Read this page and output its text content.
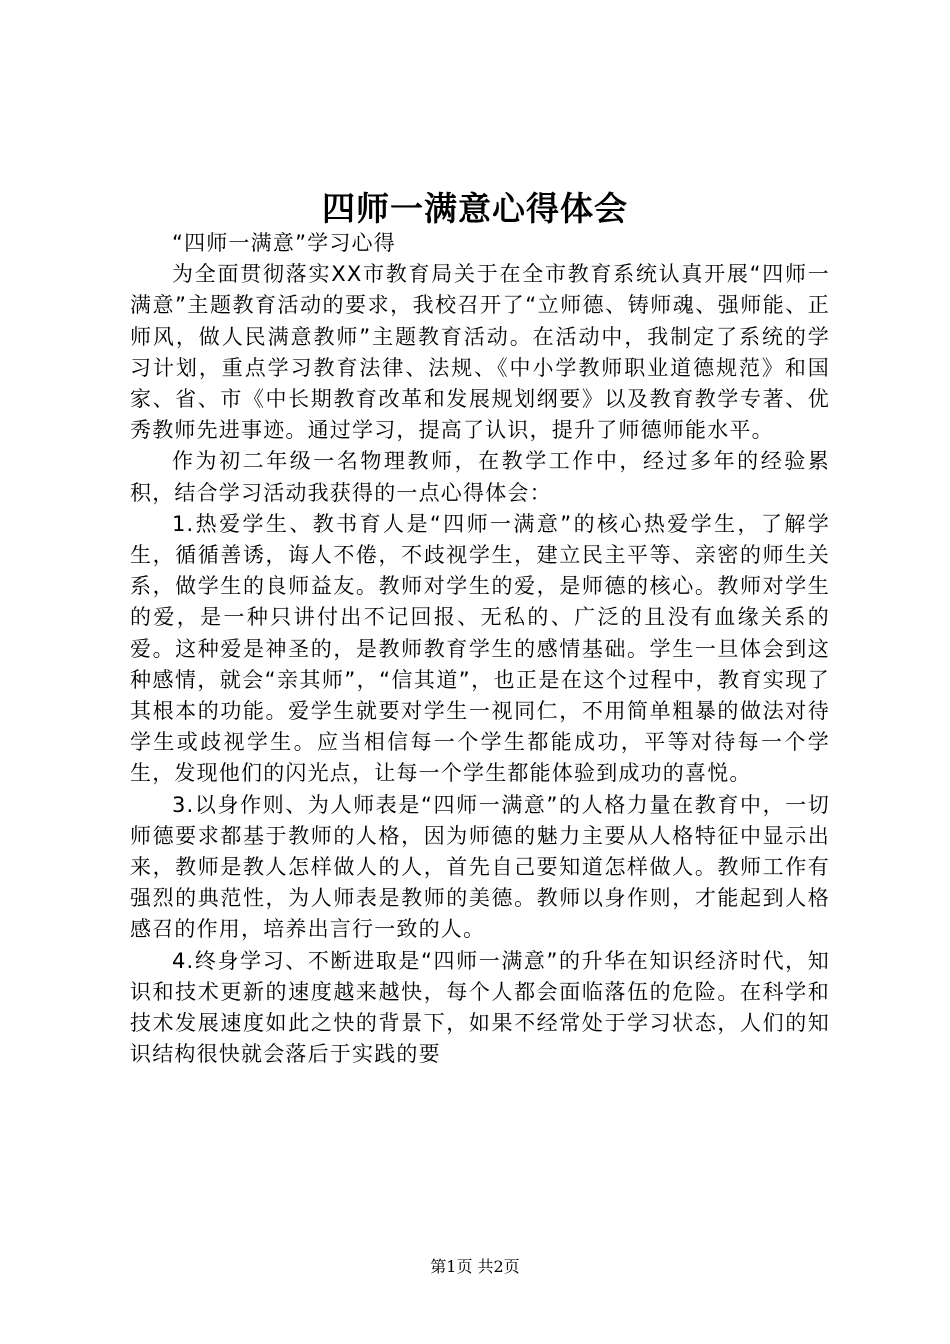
四师一满意心得体会

“四师一满意”学习心得

为全面贯彻落实XX市教育局关于在全市教育系统认真开展“四师一满意”主题教育活动的要求，我校召开了“立师德、铸师魂、强师能、正师风，做人民满意教师”主题教育活动。在活动中，我制定了系统的学习计划，重点学习教育法律、法规、《中小学教师职业道德规范》和国家、省、市《中长期教育改革和发展规划纲要》以及教育教学专著、优秀教师先进事迹。通过学习，提高了认识，提升了师德师能水平。

作为初二年级一名物理教师，在教学工作中，经过多年的经验累积，结合学习活动我获得的一点心得体会：

1.热爱学生、教书育人是“四师一满意”的核心热爱学生，了解学生，循循善诱，诲人不倦，不歧视学生，建立民主平等、亲密的师生关系，做学生的良师益友。教师对学生的爱，是师德的核心。教师对学生的爱，是一种只讲付出不记回报、无私的、广泛的且没有血缘关系的爱。这种爱是神圣的，是教师教育学生的感情基础。学生一旦体会到这种感情，就会“亲其师”，“信其道”，也正是在这个过程中，教育实现了其根本的功能。爱学生就要对学生一视同仁，不用简单粗暴的做法对待学生或歧视学生。应当相信每一个学生都能成功，平等对待每一个学生，发现他们的闪光点，让每一个学生都能体验到成功的喜悦。

3.以身作则、为人师表是“四师一满意”的人格力量在教育中，一切师德要求都基于教师的人格，因为师德的魅力主要从人格特征中显示出来，教师是教人怎样做人的人，首先自己要知道怎样做人。教师工作有强烈的典范性，为人师表是教师的美德。教师以身作则，才能起到人格感召的作用，培养出言行一致的人。

4.终身学习、不断进取是“四师一满意”的升华在知识经济时代，知识和技术更新的速度越来越快，每个人都会面临落伍的危险。在科学和技术发展速度如此之快的背景下，如果不经常处于学习状态，人们的知识结构很快就会落后于实践的要

第1页 共2页
